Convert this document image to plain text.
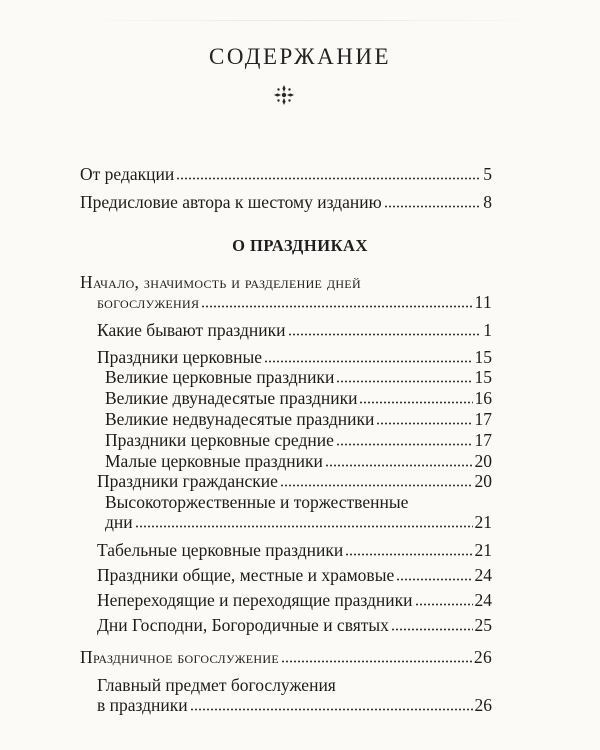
СОДЕРЖАНИЕ
От редакции	5
Предисловие автора к шестому изданию	8
О ПРАЗДНИКАХ
Начало, значимость и разделение дней
богослужения	11
Какие бывают праздники	1
Праздники церковные	15
Великие церковные праздники	15
Великие двунадесятые праздники	16
Великие недвунадесятые праздники	17
Праздники церковные средние	17
Малые церковные праздники	20
Праздники гражданские	20
Высокоторжественные и торжественные
дни	21
Табельные церковные праздники	21
Праздники общие, местные и храмовые	24
Непереходящие и переходящие праздники	24
Дни Господни, Богородичные и святых	25
Праздничное богослужение	26
Главный предмет богослужения
в праздники	26
